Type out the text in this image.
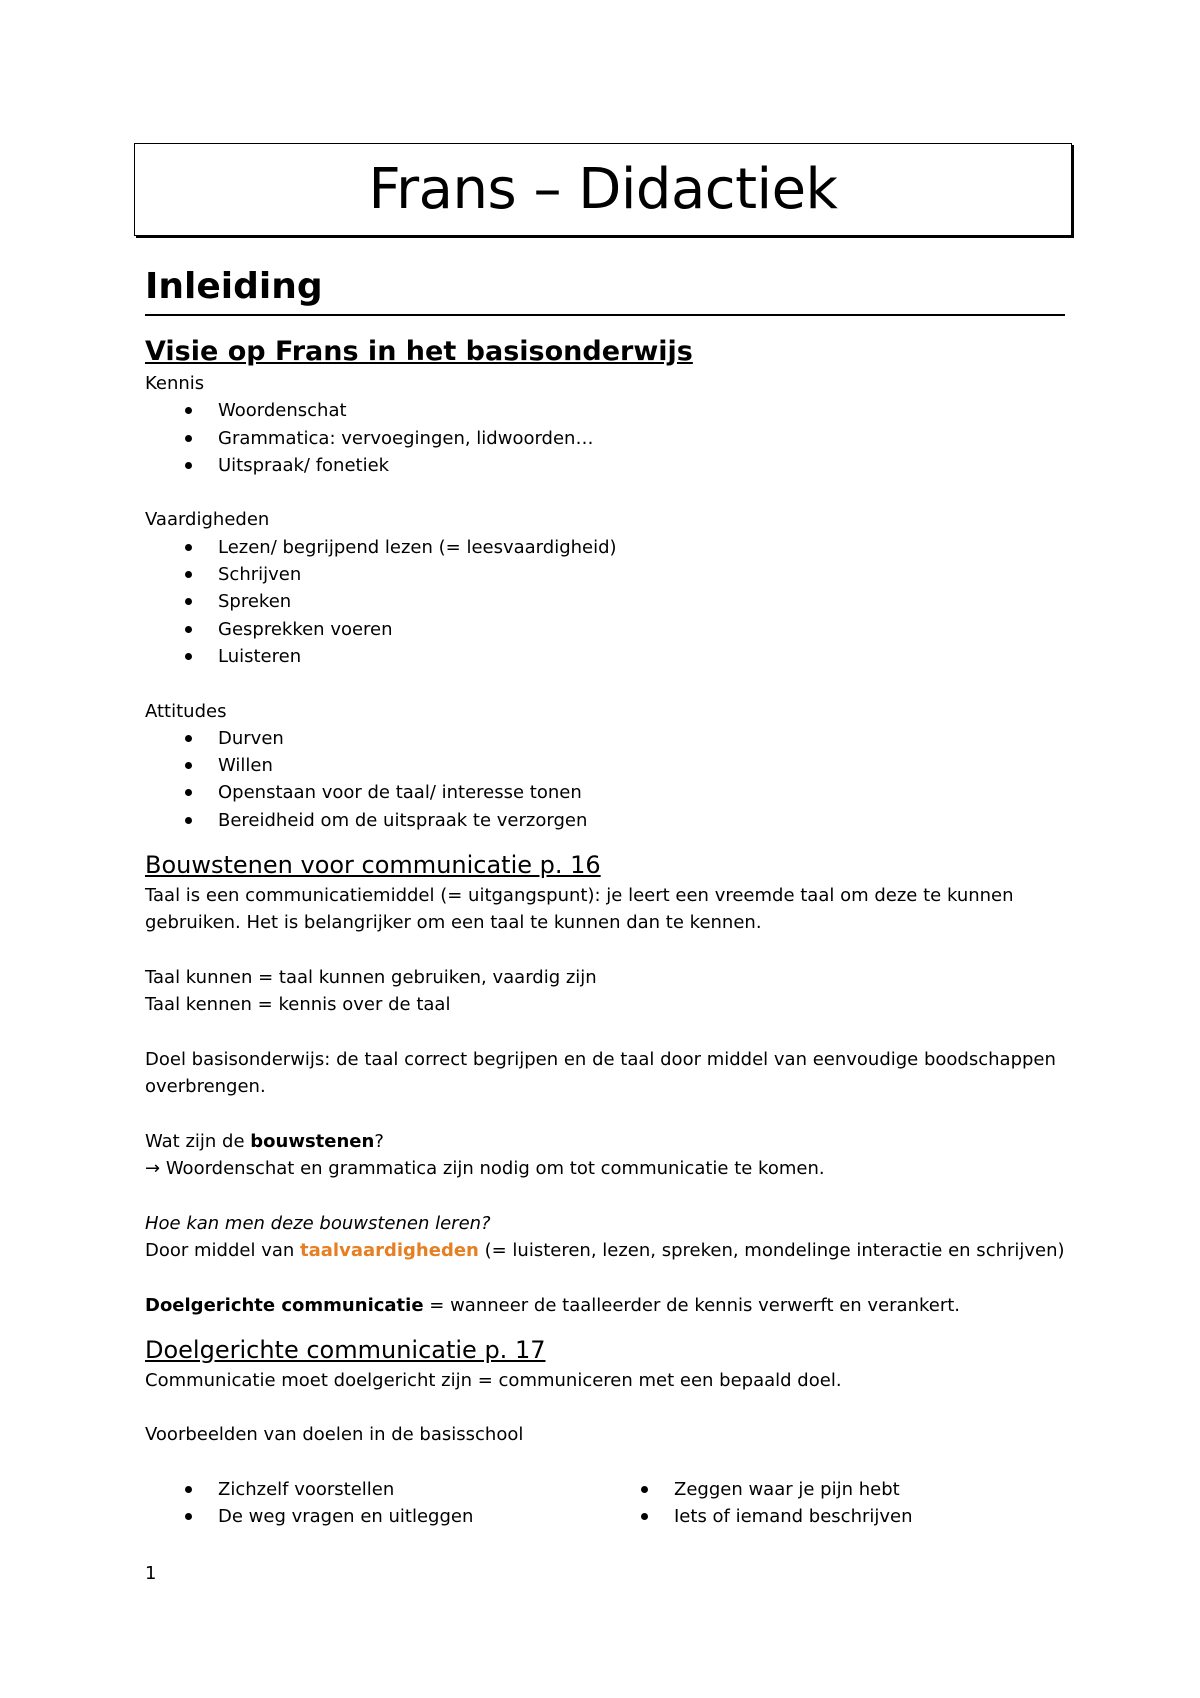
Frans – Didactiek
Inleiding
Visie op Frans in het basisonderwijs

Kennis

Woordenschat
Grammatica: vervoegingen, lidwoorden…
Uitspraak/ fonetiek

Vaardigheden

Lezen/ begrijpend lezen (= leesvaardigheid)
Schrijven
Spreken
Gesprekken voeren
Luisteren

Attitudes

Durven
Willen
Openstaan voor de taal/ interesse tonen
Bereidheid om de uitspraak te verzorgen
Bouwstenen voor communicatie p. 16

Taal is een communicatiemiddel (= uitgangspunt): je leert een vreemde taal om deze te kunnen gebruiken. Het is belangrijker om een taal te kunnen dan te kennen.

Taal kunnen = taal kunnen gebruiken, vaardig zijn

Taal kennen = kennis over de taal

Doel basisonderwijs: de taal correct begrijpen en de taal door middel van eenvoudige boodschappen overbrengen.

Wat zijn de bouwstenen?

→ Woordenschat en grammatica zijn nodig om tot communicatie te komen.

Hoe kan men deze bouwstenen leren?

Door middel van taalvaardigheden (= luisteren, lezen, spreken, mondelinge interactie en schrijven)

Doelgerichte communicatie = wanneer de taalleerder de kennis verwerft en verankert.

Doelgerichte communicatie p. 17

Communicatie moet doelgericht zijn = communiceren met een bepaald doel.

Voorbeelden van doelen in de basisschool

Zichzelf voorstellen
De weg vragen en uitleggen
Zeggen waar je pijn hebt
Iets of iemand beschrijven
1
